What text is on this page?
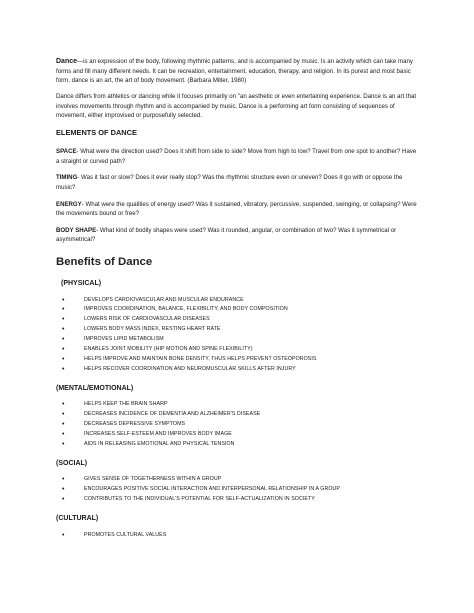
Dance—is an expression of the body, following rhythmic patterns, and is accompanied by music. Is an activity which can take many forms and fill many different needs. It can be recreation, entertainment, education, therapy, and religion. In its purest and most basic form, dance is an art, the art of body movement. (Barbara Mitler, 1980)

Dance differs from athletics or dancing while it focuses primarily on "an aesthetic or even entertaining experience. Dance is an art that involves movements through rhythm and is accompanied by music. Dance is a performing art form consisting of sequences of movement, either improvised or purposefully selected.

ELEMENTS OF DANCE

SPACE- What were the direction used? Does it shift from side to side? Move from high to low? Travel from one spot to another? Have a straight or curved path?

TIMING- Was it fast or slow? Does it ever really stop? Was the rhythmic structure even or uneven? Does it go with or oppose the music?

ENERGY- What were the qualities of energy used? Was it sustained, vibratory, percussive, suspended, swinging, or collapsing? Were the movements bound or free?

BODY SHAPE- What kind of bodily shapes were used? Was it rounded, angular, or combination of two? Was it symmetrical or asymmetrical?

Benefits of Dance

(PHYSICAL)

•	DEVELOPS CARDIOVASCULAR AND MUSCULAR ENDURANCE
•	IMPROVES COORDINATION, BALANCE, FLEXIBILITY, AND BODY COMPOSITION
•	LOWERS RISK OF CARDIOVASCULAR DISEASES
•	LOWERS BODY MASS INDEX, RESTING HEART RATE
•	IMPROVES LIPID METABOLISM
•	ENABLES JOINT MOBILITY (HIP MOTION AND SPINE FLEXIBILITY)
•	HELPS IMPROVE AND MAINTAIN BONE DENSITY, THUS HELPS PREVENT OSTEOPOROSIS
•	HELPS RECOVER COORDINATION AND NEUROMUSCULAR SKILLS AFTER INJURY

(MENTAL/EMOTIONAL)

•	HELPS KEEP THE BRAIN SHARP
•	DECREASES INCIDENCE OF DEMENTIA AND ALZHEIMER'S DISEASE
•	DECREASES DEPRESSIVE SYMPTOMS
•	INCREASES SELF-ESTEEM AND IMPROVES BODY IMAGE
•	AIDS IN RELEASING EMOTIONAL AND PHYSICAL TENSION

(SOCIAL)

•	GIVES SENSE OF TOGETHERNESS WITHIN A GROUP
•	ENCOURAGES POSITIVE SOCIAL INTERACTION AND INTERPERSONAL RELATIONSHIP IN A GROUP
•	CONTRIBUTES TO THE INDIVIDUAL'S POTENTIAL FOR SELF-ACTUALIZATION IN SOCIETY

(CULTURAL)

•	PROMOTES CULTURAL VALUES
